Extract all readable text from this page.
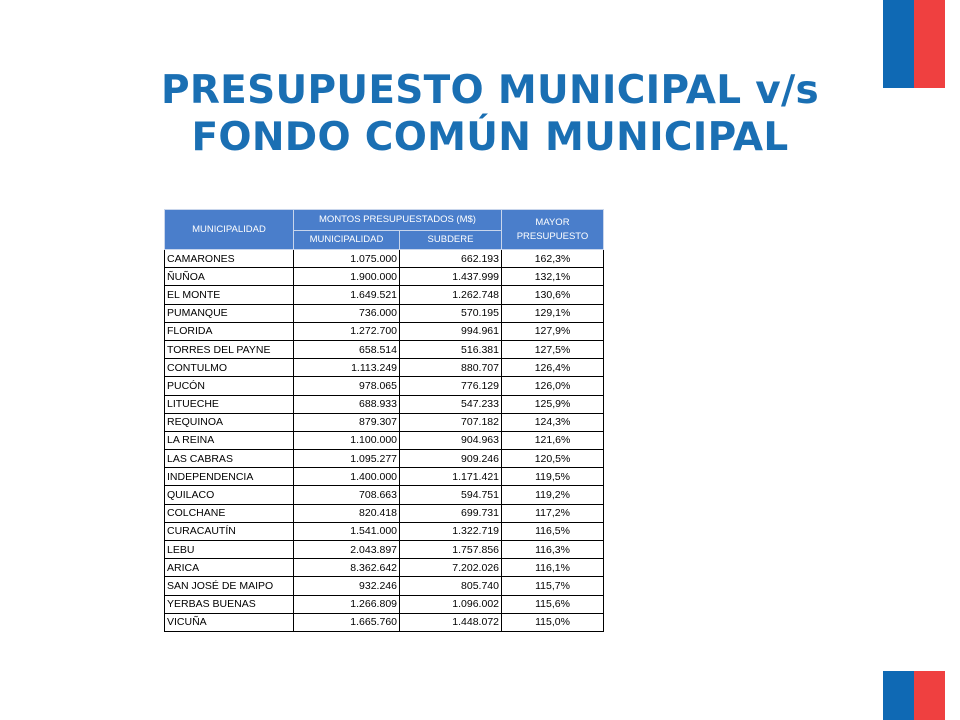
PRESUPUESTO MUNICIPAL v/s
FONDO COMÚN MUNICIPAL
MUNICIPALIDAD	MONTOS PRESUPUESTADOS (M$)		MAYOR PRESUPUESTO
	MUNICIPALIDAD	SUBDERE	
CAMARONES	1.075.000	662.193	162,3%
ÑUÑOA	1.900.000	1.437.999	132,1%
EL MONTE	1.649.521	1.262.748	130,6%
PUMANQUE	736.000	570.195	129,1%
FLORIDA	1.272.700	994.961	127,9%
TORRES DEL PAYNE	658.514	516.381	127,5%
CONTULMO	1.113.249	880.707	126,4%
PUCÓN	978.065	776.129	126,0%
LITUECHE	688.933	547.233	125,9%
REQUINOA	879.307	707.182	124,3%
LA REINA	1.100.000	904.963	121,6%
LAS CABRAS	1.095.277	909.246	120,5%
INDEPENDENCIA	1.400.000	1.171.421	119,5%
QUILACO	708.663	594.751	119,2%
COLCHANE	820.418	699.731	117,2%
CURACAUTÍN	1.541.000	1.322.719	116,5%
LEBU	2.043.897	1.757.856	116,3%
ARICA	8.362.642	7.202.026	116,1%
SAN JOSÉ DE MAIPO	932.246	805.740	115,7%
YERBAS BUENAS	1.266.809	1.096.002	115,6%
VICUÑA	1.665.760	1.448.072	115,0%
